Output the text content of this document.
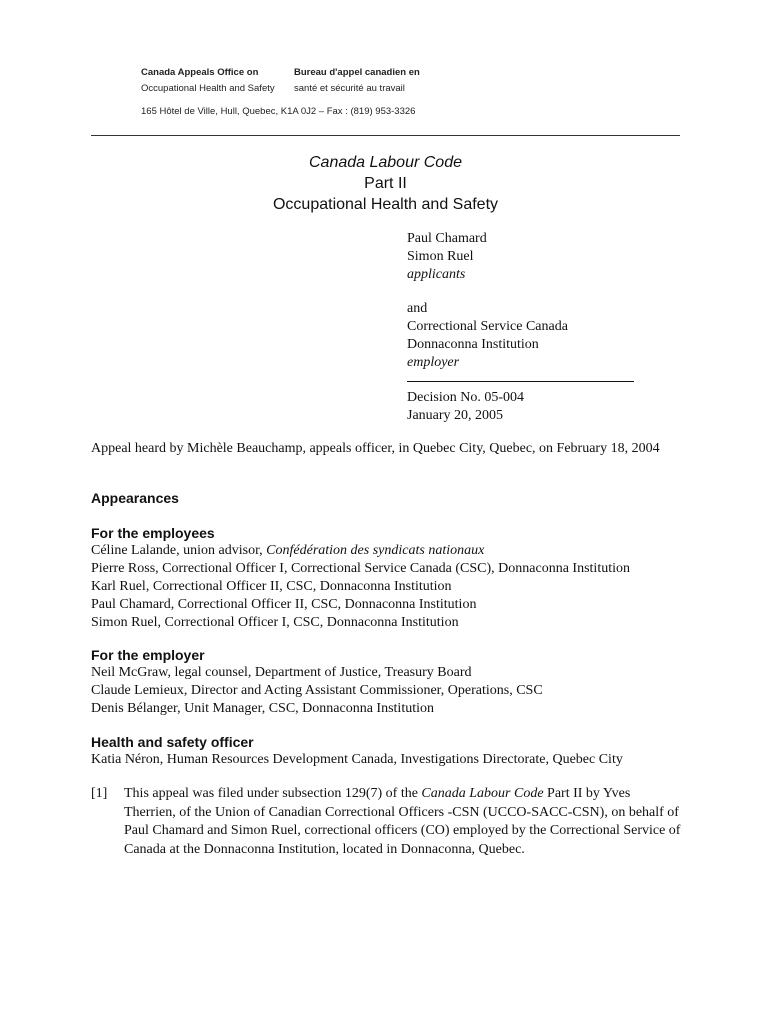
Canada Appeals Office on
Occupational Health and Safety
Bureau d'appel canadien en
santé et sécurité au travail
165 Hôtel de Ville, Hull, Quebec, K1A 0J2 – Fax : (819) 953-3326
Canada Labour Code
Part II
Occupational Health and Safety
Paul Chamard
Simon Ruel
applicants
and
Correctional Service Canada
Donnaconna Institution
employer
Decision No. 05-004
January 20, 2005
Appeal heard by Michèle Beauchamp, appeals officer, in Quebec City, Quebec, on February 18, 2004
Appearances
For the employees
Céline Lalande, union advisor, Confédération des syndicats nationaux
Pierre Ross, Correctional Officer I, Correctional Service Canada (CSC), Donnaconna Institution
Karl Ruel, Correctional Officer II, CSC, Donnaconna Institution
Paul Chamard, Correctional Officer II, CSC, Donnaconna Institution
Simon Ruel, Correctional Officer I, CSC, Donnaconna Institution
For the employer
Neil McGraw, legal counsel, Department of Justice, Treasury Board
Claude Lemieux, Director and Acting Assistant Commissioner, Operations, CSC
Denis Bélanger, Unit Manager, CSC, Donnaconna Institution
Health and safety officer
Katia Néron, Human Resources Development Canada, Investigations Directorate, Quebec City
[1] This appeal was filed under subsection 129(7) of the Canada Labour Code Part II by Yves Therrien, of the Union of Canadian Correctional Officers -CSN (UCCO-SACC-CSN), on behalf of Paul Chamard and Simon Ruel, correctional officers (CO) employed by the Correctional Service of Canada at the Donnaconna Institution, located in Donnaconna, Quebec.
